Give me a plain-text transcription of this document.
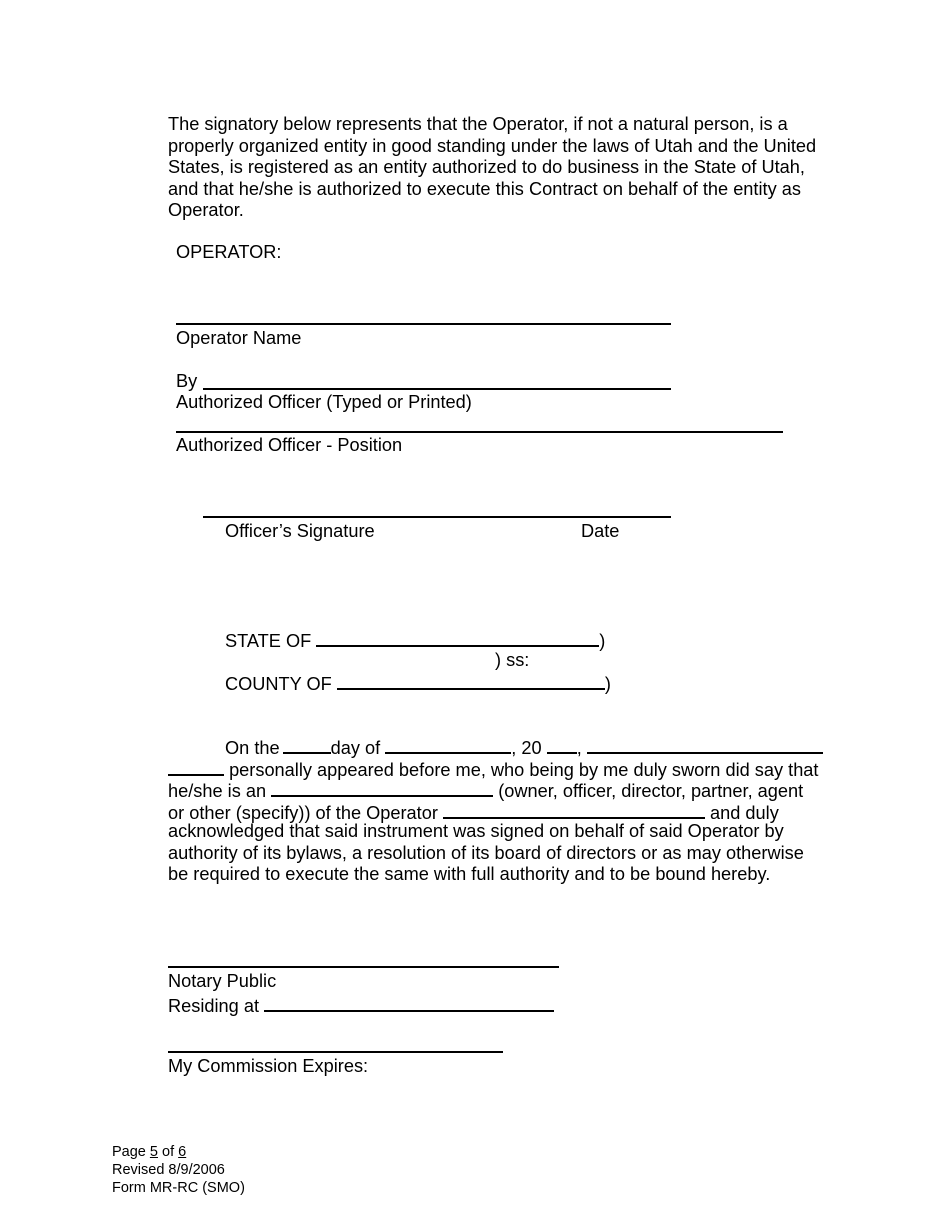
The signatory below represents that the Operator, if not a natural person, is a
properly organized entity in good standing under the laws of Utah and the United
States, is registered as an entity authorized to do business in the State of Utah,
and that he/she is authorized to execute this Contract on behalf of the entity as
Operator.
OPERATOR:
Operator Name
By
Authorized Officer (Typed or Printed)
Authorized Officer - Position
Officer’s Signature	Date
STATE OF	)
) ss:
COUNTY OF	)
On the	day of	, 20 ,
personally appeared before me, who being by me duly sworn did say that
he/she is an	(owner, officer, director, partner, agent
or other (specify)) of the Operator	and duly
acknowledged that said instrument was signed on behalf of said Operator by
authority of its bylaws, a resolution of its board of directors or as may otherwise
be required to execute the same with full authority and to be bound hereby.
Notary Public
Residing at
My Commission Expires:
Page 5 of 6
Revised 8/9/2006
Form MR-RC (SMO)
